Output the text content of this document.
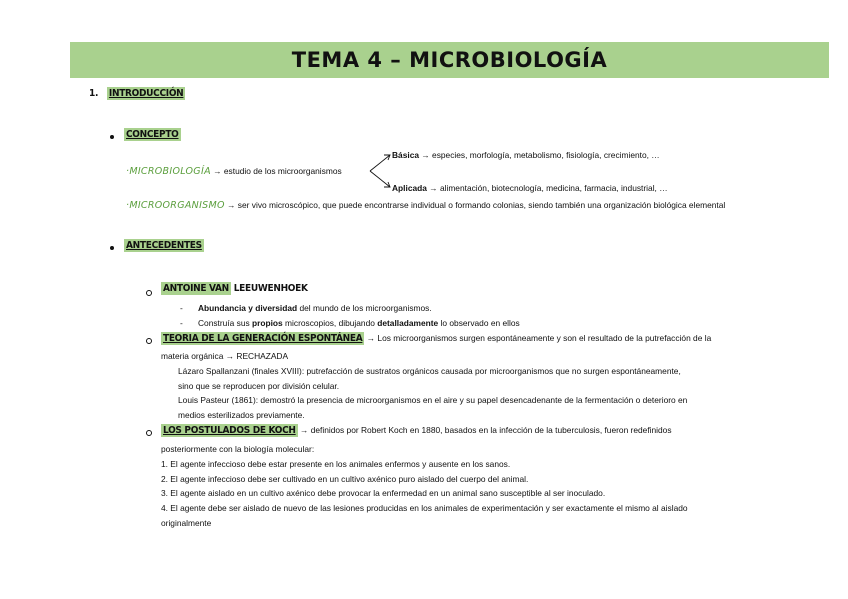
TEMA 4 – MICROBIOLOGÍA
1. INTRODUCCIÓN
CONCEPTO
Básica → especies, morfología, metabolismo, fisiología, crecimiento, …
·MICROBIOLOGÍA → estudio de los microorganismos
Aplicada → alimentación, biotecnología, medicina, farmacia, industrial, …
·MICROORGANISMO → ser vivo microscópico, que puede encontrarse individual o formando colonias, siendo también una organización biológica elemental
ANTECEDENTES
ANTOINE VAN LEEUWENHOEK
- Abundancia y diversidad del mundo de los microorganismos.
- Construía sus propios microscopios, dibujando detalladamente lo observado en ellos
TEORIA DE LA GENERACIÓN ESPONTÁNEA → Los microorganismos surgen espontáneamente y son el resultado de la putrefacción de la
materia orgánica → RECHAZADA
Lázaro Spallanzani (finales XVIII): putrefacción de sustratos orgánicos causada por microorganismos que no surgen espontáneamente,
sino que se reproducen por división celular.
Louis Pasteur (1861): demostró la presencia de microorganismos en el aire y su papel desencadenante de la fermentación o deterioro en
medios esterilizados previamente.
LOS POSTULADOS DE KOCH → definidos por Robert Koch en 1880, basados en la infección de la tuberculosis, fueron redefinidos
posteriormente con la biología molecular:
1. El agente infeccioso debe estar presente en los animales enfermos y ausente en los sanos.
2. El agente infeccioso debe ser cultivado en un cultivo axénico puro aislado del cuerpo del animal.
3. El agente aislado en un cultivo axénico debe provocar la enfermedad en un animal sano susceptible al ser inoculado.
4. El agente debe ser aislado de nuevo de las lesiones producidas en los animales de experimentación y ser exactamente el mismo al aislado
originalmente
